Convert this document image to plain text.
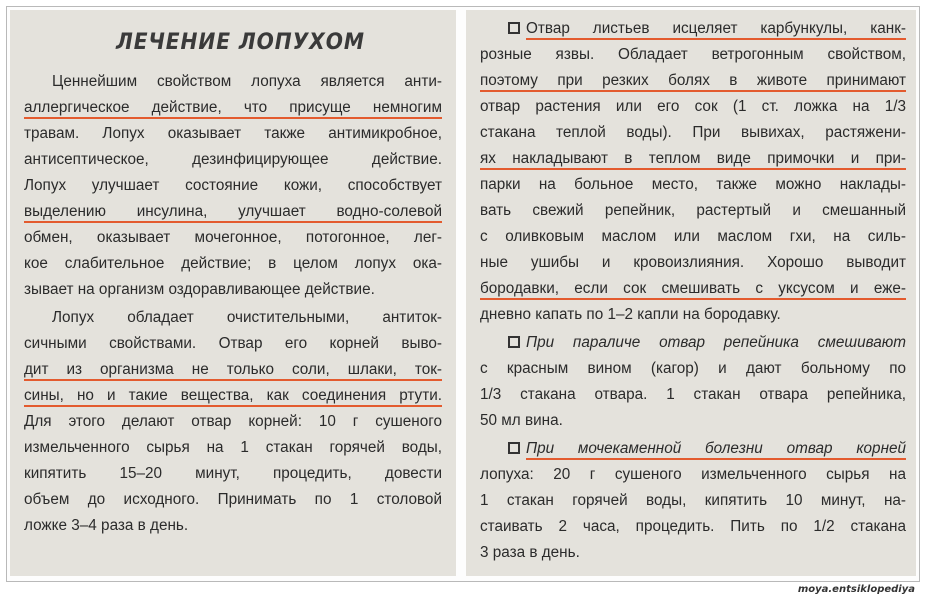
ЛЕЧЕНИЕ ЛОПУХОМ
Ценнейшим свойством лопуха является анти-
аллергическое действие, что присуще немногим
травам. Лопух оказывает также антимикробное,
антисептическое, дезинфицирующее действие.
Лопух улучшает состояние кожи, способствует
выделению инсулина, улучшает водно-солевой
обмен, оказывает мочегонное, потогонное, лег-
кое слабительное действие; в целом лопух ока-
зывает на организм оздоравливающее действие.
Лопух обладает очистительными, антиток-
сичными свойствами. Отвар его корней выво-
дит из организма не только соли, шлаки, ток-
сины, но и такие вещества, как соединения ртути.
Для этого делают отвар корней: 10 г сушеного
измельченного сырья на 1 стакан горячей воды,
кипятить 15–20 минут, процедить, довести
объем до исходного. Принимать по 1 столовой
ложке 3–4 раза в день.
Отвар листьев исцеляет карбункулы, канк-
розные язвы. Обладает ветрогонным свойством,
поэтому при резких болях в животе принимают
отвар растения или его сок (1 ст. ложка на 1/3
стакана теплой воды). При вывихах, растяжени-
ях накладывают в теплом виде примочки и при-
парки на больное место, также можно наклады-
вать свежий репейник, растертый и смешанный
с оливковым маслом или маслом гхи, на силь-
ные ушибы и кровоизлияния. Хорошо выводит
бородавки, если сок смешивать с уксусом и еже-
дневно капать по 1–2 капли на бородавку.
При параличе отвар репейника смешивают
с красным вином (кагор) и дают больному по
1/3 стакана отвара. 1 стакан отвара репейника,
50 мл вина.
При мочекаменной болезни отвар корней
лопуха: 20 г сушеного измельченного сырья на
1 стакан горячей воды, кипятить 10 минут, на-
стаивать 2 часа, процедить. Пить по 1/2 стакана
3 раза в день.
moya.entsiklopediya
